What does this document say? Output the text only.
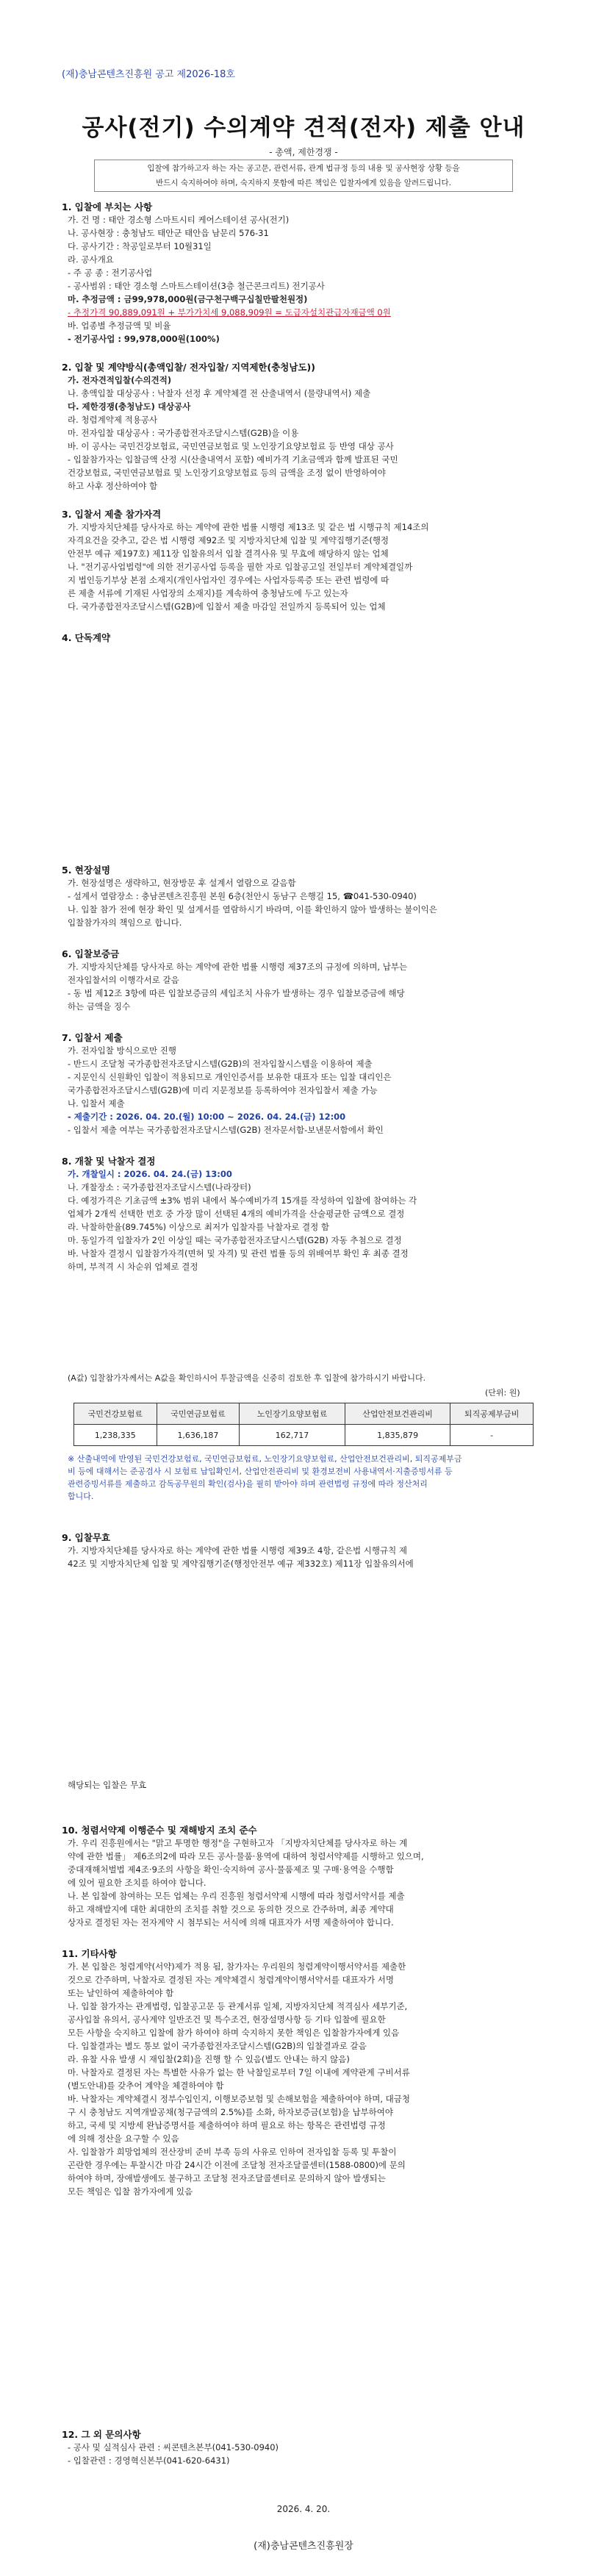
(재)충남콘텐츠진흥원 공고 제2026-18호
공사(전기) 수의계약 견적(전자) 제출 안내
- 총액, 제한경쟁 -
입찰에 참가하고자 하는 자는 공고문, 관련서류, 관계 법규정 등의 내용 및 공사현장 상황 등을
반드시 숙지하여야 하며, 숙지하지 못함에 따른 책임은 입찰자에게 있음을 알려드립니다.
1. 입찰에 부치는 사항
가. 건 명 : 태안 경소형 스마트시티 케어스테이션 공사(전기)
나. 공사현장 : 충청남도 태안군 태안읍 남문리 576-31
다. 공사기간 : 착공일로부터 10월31일
라. 공사개요
- 주 공 종 : 전기공사업
- 공사범위 : 태안 경소형 스마트스테이션(3층 철근콘크리트) 전기공사
마. 추정금액 : 금99,978,000원(금구천구백구십칠만팔천원정)
- 추정가격 90,889,091원 + 부가가치세 9,088,909원 = 도급자설치관급자재금액 0원
바. 업종별 추정금액 및 비율
- 전기공사업 : 99,978,000원(100%)
2. 입찰 및 계약방식(총액입찰/ 전자입찰/ 지역제한(충청남도))
가. 전자견적입찰(수의견적)
나. 총액입찰 대상공사 : 낙찰자 선정 후 계약체결 전 산출내역서 (물량내역서) 제출
다. 제한경쟁(충청남도) 대상공사
라. 청렴계약제 적용공사
마. 전자입찰 대상공사 : 국가종합전자조달시스템(G2B)을 이용
바. 이 공사는 국민건강보험료, 국민연금보험료 및 노인장기요양보험료 등 반영 대상 공사
- 입찰참가자는 입찰금액 산정 시(산출내역서 포함) 예비가격 기초금액과 함께 발표된 국민
건강보험료, 국민연금보험료 및 노인장기요양보험료 등의 금액을 조정 없이 반영하여야
하고 사후 정산하여야 함
3. 입찰서 제출 참가자격
가. 지방자치단체를 당사자로 하는 계약에 관한 법률 시행령 제13조 및 같은 법 시행규칙 제14조의
자격요건을 갖추고, 같은 법 시행령 제92조 및 지방자치단체 입찰 및 계약집행기준(행정
안전부 예규 제197호) 제11장 입찰유의서 입찰 결격사유 및 무효에 해당하지 않는 업체
나. "전기공사업법령"에 의한 전기공사업 등록을 필한 자로 입찰공고일 전일부터 계약체결일까
지 법인등기부상 본점 소재지(개인사업자인 경우에는 사업자등록증 또는 관련 법령에 따
른 제출 서류에 기재된 사업장의 소재지)를 계속하여 충청남도에 두고 있는자
다. 국가종합전자조달시스템(G2B)에 입찰서 제출 마감일 전일까지 등록되어 있는 업체
4. 단독계약
5. 현장설명
가. 현장설명은 생략하고, 현장방문 후 설계서 열람으로 갈음함
- 설계서 열람장소 : 충남콘텐츠진흥원 본원 6층(천안시 동남구 은행길 15, ☎041-530-0940)
나. 입찰 참가 전에 현장 확인 및 설계서를 열람하시기 바라며, 이를 확인하지 않아 발생하는 불이익은
입찰참가자의 책임으로 합니다.
6. 입찰보증금
가. 지방자치단체를 당사자로 하는 계약에 관한 법률 시행령 제37조의 규정에 의하며, 납부는
전자입찰서의 이행각서로 갈음
- 동 법 제12조 3항에 따른 입찰보증금의 세입조치 사유가 발생하는 경우 입찰보증금에 해당
하는 금액을 징수
7. 입찰서 제출
가. 전자입찰 방식으로만 진행
- 반드시 조달청 국가종합전자조달시스템(G2B)의 전자입찰시스템을 이용하여 제출
- 지문인식 신원확인 입찰이 적용되므로 개인인증서를 보유한 대표자 또는 입찰 대리인은
국가종합전자조달시스템(G2B)에 미리 지문정보를 등록하여야 전자입찰서 제출 가능
나. 입찰서 제출
- 제출기간 : 2026. 04. 20.(월) 10:00 ~ 2026. 04. 24.(금) 12:00
- 입찰서 제출 여부는 국가종합전자조달시스템(G2B) 전자문서함-보낸문서함에서 확인
8. 개찰 및 낙찰자 결정
가. 개찰일시 : 2026. 04. 24.(금) 13:00
나. 개찰장소 : 국가종합전자조달시스템(나라장터)
다. 예정가격은 기초금액 ±3% 범위 내에서 복수예비가격 15개를 작성하여 입찰에 참여하는 각
업체가 2개씩 선택한 번호 중 가장 많이 선택된 4개의 예비가격을 산술평균한 금액으로 결정
라. 낙찰하한율(89.745%) 이상으로 최저가 입찰자를 낙찰자로 결정 함
마. 동일가격 입찰자가 2인 이상일 때는 국가종합전자조달시스템(G2B) 자동 추첨으로 결정
바. 낙찰자 결정시 입찰참가자격(면허 및 자격) 및 관련 법률 등의 위배여부 확인 후 최종 결정
하며, 부적격 시 차순위 업체로 결정
(A값) 입찰참가자께서는 A값을 확인하시어 투찰금액을 신중히 검토한 후 입찰에 참가하시기 바랍니다.
(단위: 원)
국민건강보험료	국민연금보험료	노인장기요양보험료	산업안전보건관리비	퇴직공제부금비
1,238,335	1,636,187	162,717	1,835,879	-
※ 산출내역에 반영된 국민건강보험료, 국민연금보험료, 노인장기요양보험료, 산업안전보건관리비, 퇴직공제부금
비 등에 대해서는 준공검사 시 보험료 납입확인서, 산업안전관리비 및 환경보전비 사용내역서·지출증빙서류 등
관련증빙서류를 제출하고 감독공무원의 확인(검사)을 필히 받아야 하며 관련법령 규정에 따라 정산처리
합니다.
9. 입찰무효
가. 지방자치단체를 당사자로 하는 계약에 관한 법률 시행령 제39조 4항, 같은법 시행규칙 제
42조 및 지방자치단체 입찰 및 계약집행기준(행정안전부 예규 제332호) 제11장 입찰유의서에
해당되는 입찰은 무효
10. 청렴서약제 이행준수 및 재해방지 조치 준수
가. 우리 진흥원에서는 "맑고 투명한 행정"을 구현하고자 「지방자치단체를 당사자로 하는 계
약에 관한 법률」 제6조의2에 따라 모든 공사·물품·용역에 대하여 청렴서약제를 시행하고 있으며,
중대재해처벌법 제4조·9조의 사항을 확인·숙지하여 공사·물품제조 및 구매·용역을 수행함
에 있어 필요한 조치를 하여야 합니다.
나. 본 입찰에 참여하는 모든 업체는 우리 진흥원 청렴서약제 시행에 따라 청렴서약서를 제출
하고 재해발지에 대한 최대한의 조치를 취할 것으로 동의한 것으로 간주하며, 최종 계약대
상자로 결정된 자는 전자계약 시 첨부되는 서식에 의해 대표자가 서명 제출하여야 합니다.
11. 기타사항
가. 본 입찰은 청렴계약(서약)제가 적용 됨, 참가자는 우리원의 청렴계약이행서약서를 제출한
것으로 간주하며, 낙찰자로 결정된 자는 계약체결시 청렴계약이행서약서를 대표자가 서명
또는 날인하여 제출하여야 함
나. 입찰 참가자는 관계법령, 입찰공고문 등 관계서류 일체, 지방자치단체 적격심사 세부기준,
공사입찰 유의서, 공사계약 일반조건 및 특수조건, 현장설명사항 등 기타 입찰에 필요한
모든 사항을 숙지하고 입찰에 참가 하여야 하며 숙지하지 못한 책임은 입찰참가자에게 있음
다. 입찰결과는 별도 통보 없이 국가종합전자조달시스템(G2B)의 입찰결과로 갈음
라. 유찰 사유 발생 시 재입찰(2회)을 진행 할 수 있음(별도 안내는 하지 않음)
마. 낙찰자로 결정된 자는 특별한 사유가 없는 한 낙찰일로부터 7일 이내에 계약관계 구비서류
(별도안내)를 갖추어 계약을 체결하여야 함
바. 낙찰자는 계약체결시 정부수입인지, 이행보증보험 및 손해보험을 제출하여야 하며, 대금청
구 시 충청남도 지역개발공채(청구금액의 2.5%)를 소화, 하자보증금(보험)을 납부하여야
하고, 국세 및 지방세 완납증명서를 제출하여야 하며 필요로 하는 항목은 관련법령 규정
에 의해 정산을 요구할 수 있음
사. 입찰참가 희망업체의 전산장비 준비 부족 등의 사유로 인하여 전자입찰 등록 및 투찰이
곤란한 경우에는 투찰시간 마감 24시간 이전에 조달청 전자조달콜센터(1588-0800)에 문의
하여야 하며, 장애발생에도 불구하고 조달청 전자조달콜센터로 문의하지 않아 발생되는
모든 책임은 입찰 참가자에게 있음
12. 그 외 문의사항
- 공사 및 실적심사 관련 : 씨콘텐츠본부(041-530-0940)
- 입찰관련 : 경영혁신본부(041-620-6431)
2026. 4. 20.
(재)충남콘텐츠진흥원장
